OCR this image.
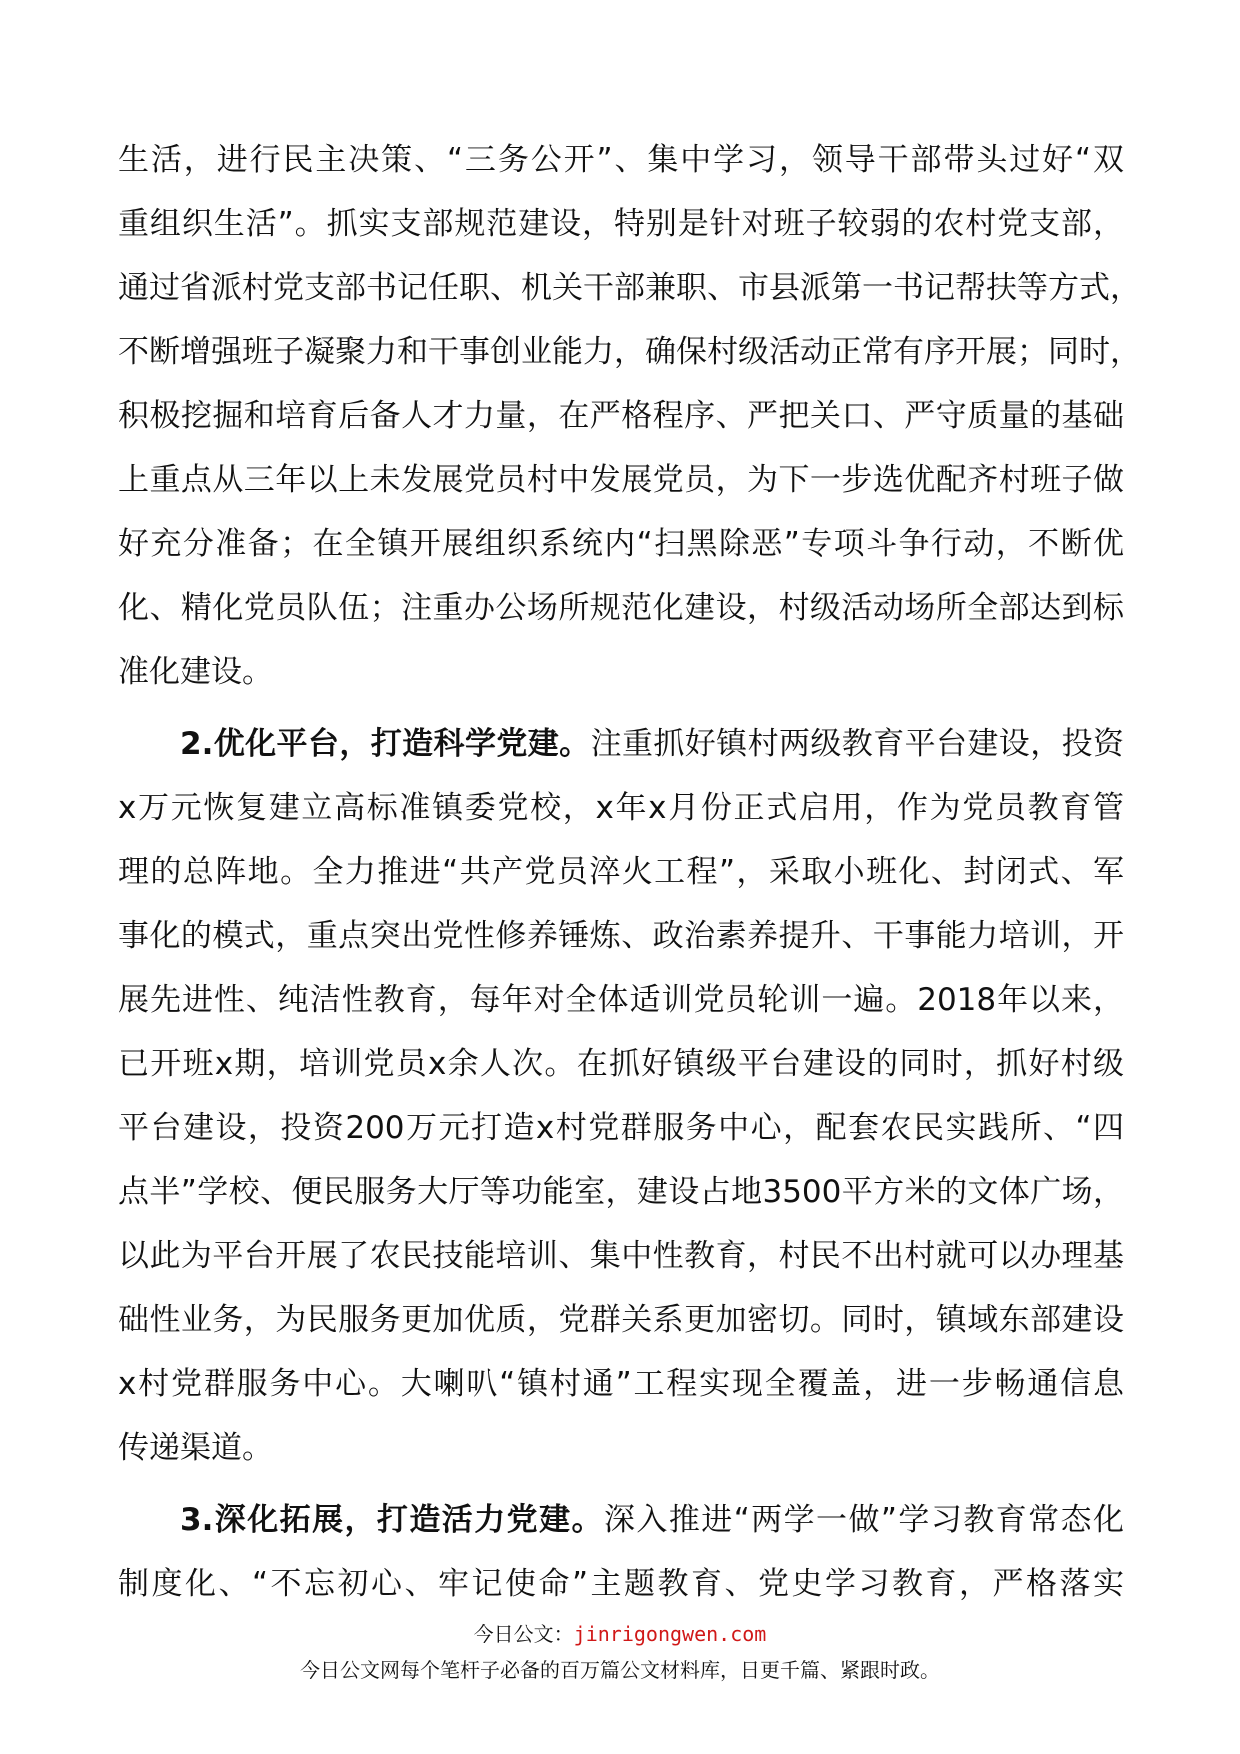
生活，进行民主决策、“三务公开”、集中学习，领导干部带头过好“双
重组织生活”。抓实支部规范建设，特别是针对班子较弱的农村党支部，
通过省派村党支部书记任职、机关干部兼职、市县派第一书记帮扶等方式，
不断增强班子凝聚力和干事创业能力，确保村级活动正常有序开展；同时，
积极挖掘和培育后备人才力量，在严格程序、严把关口、严守质量的基础
上重点从三年以上未发展党员村中发展党员，为下一步选优配齐村班子做
好充分准备；在全镇开展组织系统内“扫黑除恶”专项斗争行动，不断优
化、精化党员队伍；注重办公场所规范化建设，村级活动场所全部达到标
准化建设。
2.优化平台，打造科学党建。注重抓好镇村两级教育平台建设，投资
x万元恢复建立高标准镇委党校，x年x月份正式启用，作为党员教育管
理的总阵地。全力推进“共产党员淬火工程”，采取小班化、封闭式、军
事化的模式，重点突出党性修养锤炼、政治素养提升、干事能力培训，开
展先进性、纯洁性教育，每年对全体适训党员轮训一遍。2018年以来，
已开班x期，培训党员x余人次。在抓好镇级平台建设的同时，抓好村级
平台建设，投资200万元打造x村党群服务中心，配套农民实践所、“四
点半”学校、便民服务大厅等功能室，建设占地3500平方米的文体广场，
以此为平台开展了农民技能培训、集中性教育，村民不出村就可以办理基
础性业务，为民服务更加优质，党群关系更加密切。同时，镇域东部建设
x村党群服务中心。大喇叭“镇村通”工程实现全覆盖，进一步畅通信息
传递渠道。
3.深化拓展，打造活力党建。深入推进“两学一做”学习教育常态化
制度化、“不忘初心、牢记使命”主题教育、党史学习教育，严格落实
今日公文：jinrigongwen.com
今日公文网每个笔杆子必备的百万篇公文材料库，日更千篇、紧跟时政。
